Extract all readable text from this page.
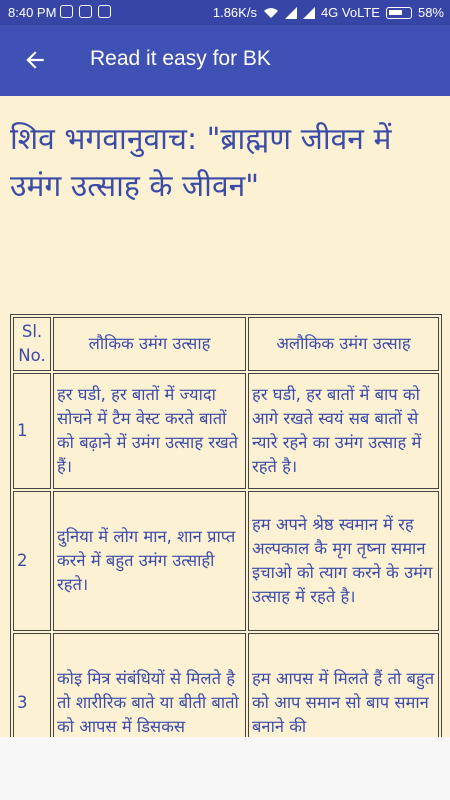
8:40 PM	1.86K/s	4G VoLTE	58%
Read it easy for BK
शिव भगवानुवाच: "ब्राह्मण जीवन में उमंग उत्साह के जीवन"
Sl. No.	लौकिक उमंग उत्साह	अलौकिक उमंग उत्साह
1	हर घडी, हर बातों में ज्यादा सोचने में टैम वेस्ट करते बातों को बढ़ाने में उमंग उत्साह रखते हैं।	हर घडी, हर बातों में बाप को आगे रखते स्वयं सब बातों से न्यारे रहने का उमंग उत्साह में रहते है।
2	दुनिया में लोग मान, शान प्राप्त करने में बहुत उमंग उत्साही रहते।	हम अपने श्रेष्ठ स्वमान में रह अल्पकाल कै मृग तृष्ना समान इचाओ को त्याग करने के उमंग उत्साह में रहते है।
3	कोइ मित्र संबंधियों से मिलते है तो शारीरिक बाते या बीती बातो को आपस में डिसकस	हम आपस में मिलते हैं तो बहुत को आप समान सो बाप समान बनाने की
